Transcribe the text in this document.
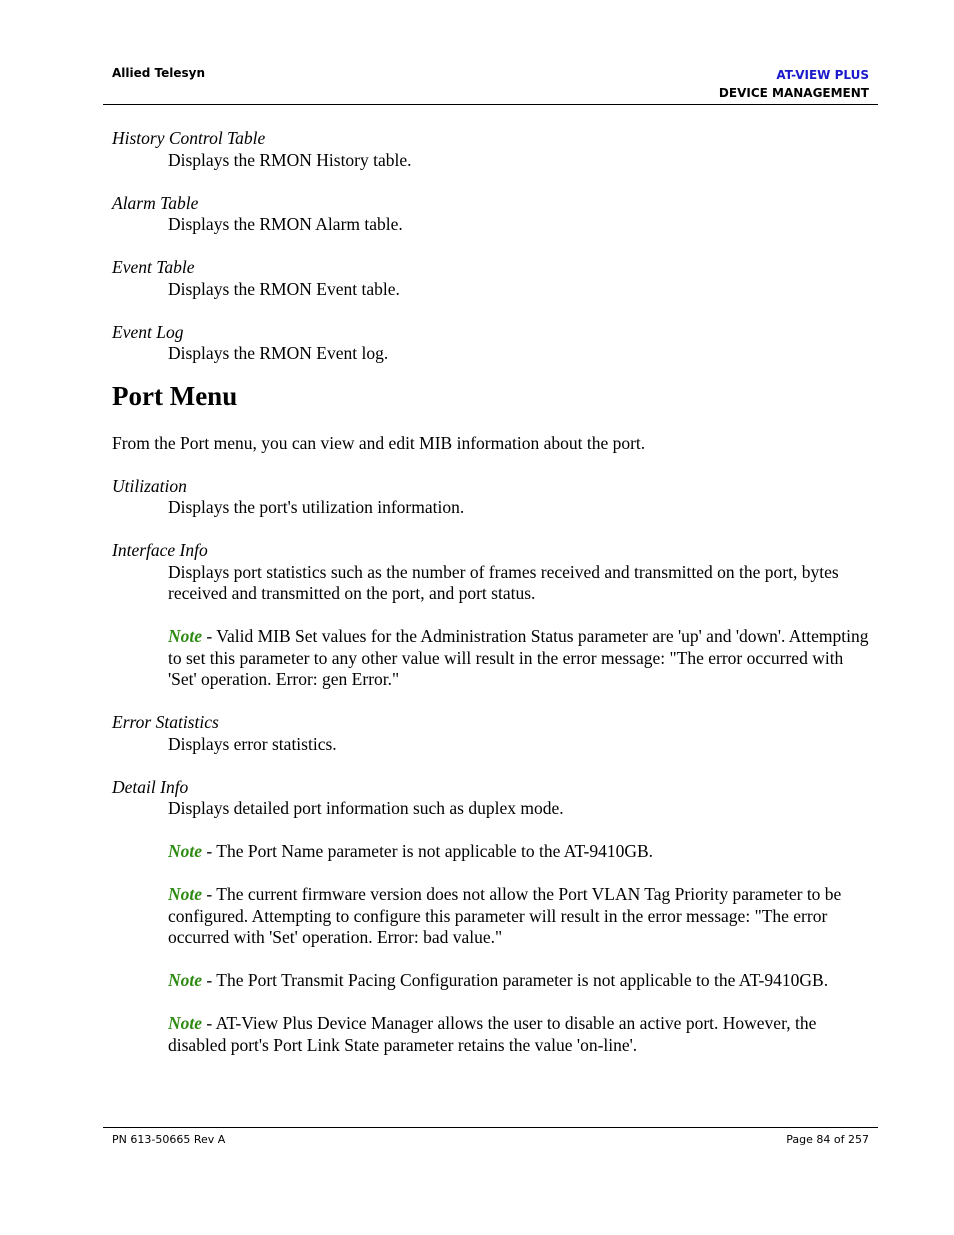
Allied Telesyn	AT-VIEW PLUS
DEVICE MANAGEMENT

History Control Table

Displays the RMON History table.

Alarm Table

Displays the RMON Alarm table.

Event Table

Displays the RMON Event table.

Event Log

Displays the RMON Event log.

Port Menu

From the Port menu, you can view and edit MIB information about the port.

Utilization

Displays the port's utilization information.

Interface Info

Displays port statistics such as the number of frames received and transmitted on the port, bytes received and transmitted on the port, and port status.

Note - Valid MIB Set values for the Administration Status parameter are 'up' and 'down'. Attempting to set this parameter to any other value will result in the error message: "The error occurred with 'Set' operation. Error: gen Error."

Error Statistics

Displays error statistics.

Detail Info

Displays detailed port information such as duplex mode.

Note - The Port Name parameter is not applicable to the AT-9410GB.

Note - The current firmware version does not allow the Port VLAN Tag Priority parameter to be configured. Attempting to configure this parameter will result in the error message: "The error occurred with 'Set' operation. Error: bad value."

Note - The Port Transmit Pacing Configuration parameter is not applicable to the AT-9410GB.

Note - AT-View Plus Device Manager allows the user to disable an active port. However, the disabled port's Port Link State parameter retains the value 'on-line'.

PN 613-50665 Rev A	Page 84 of 257
